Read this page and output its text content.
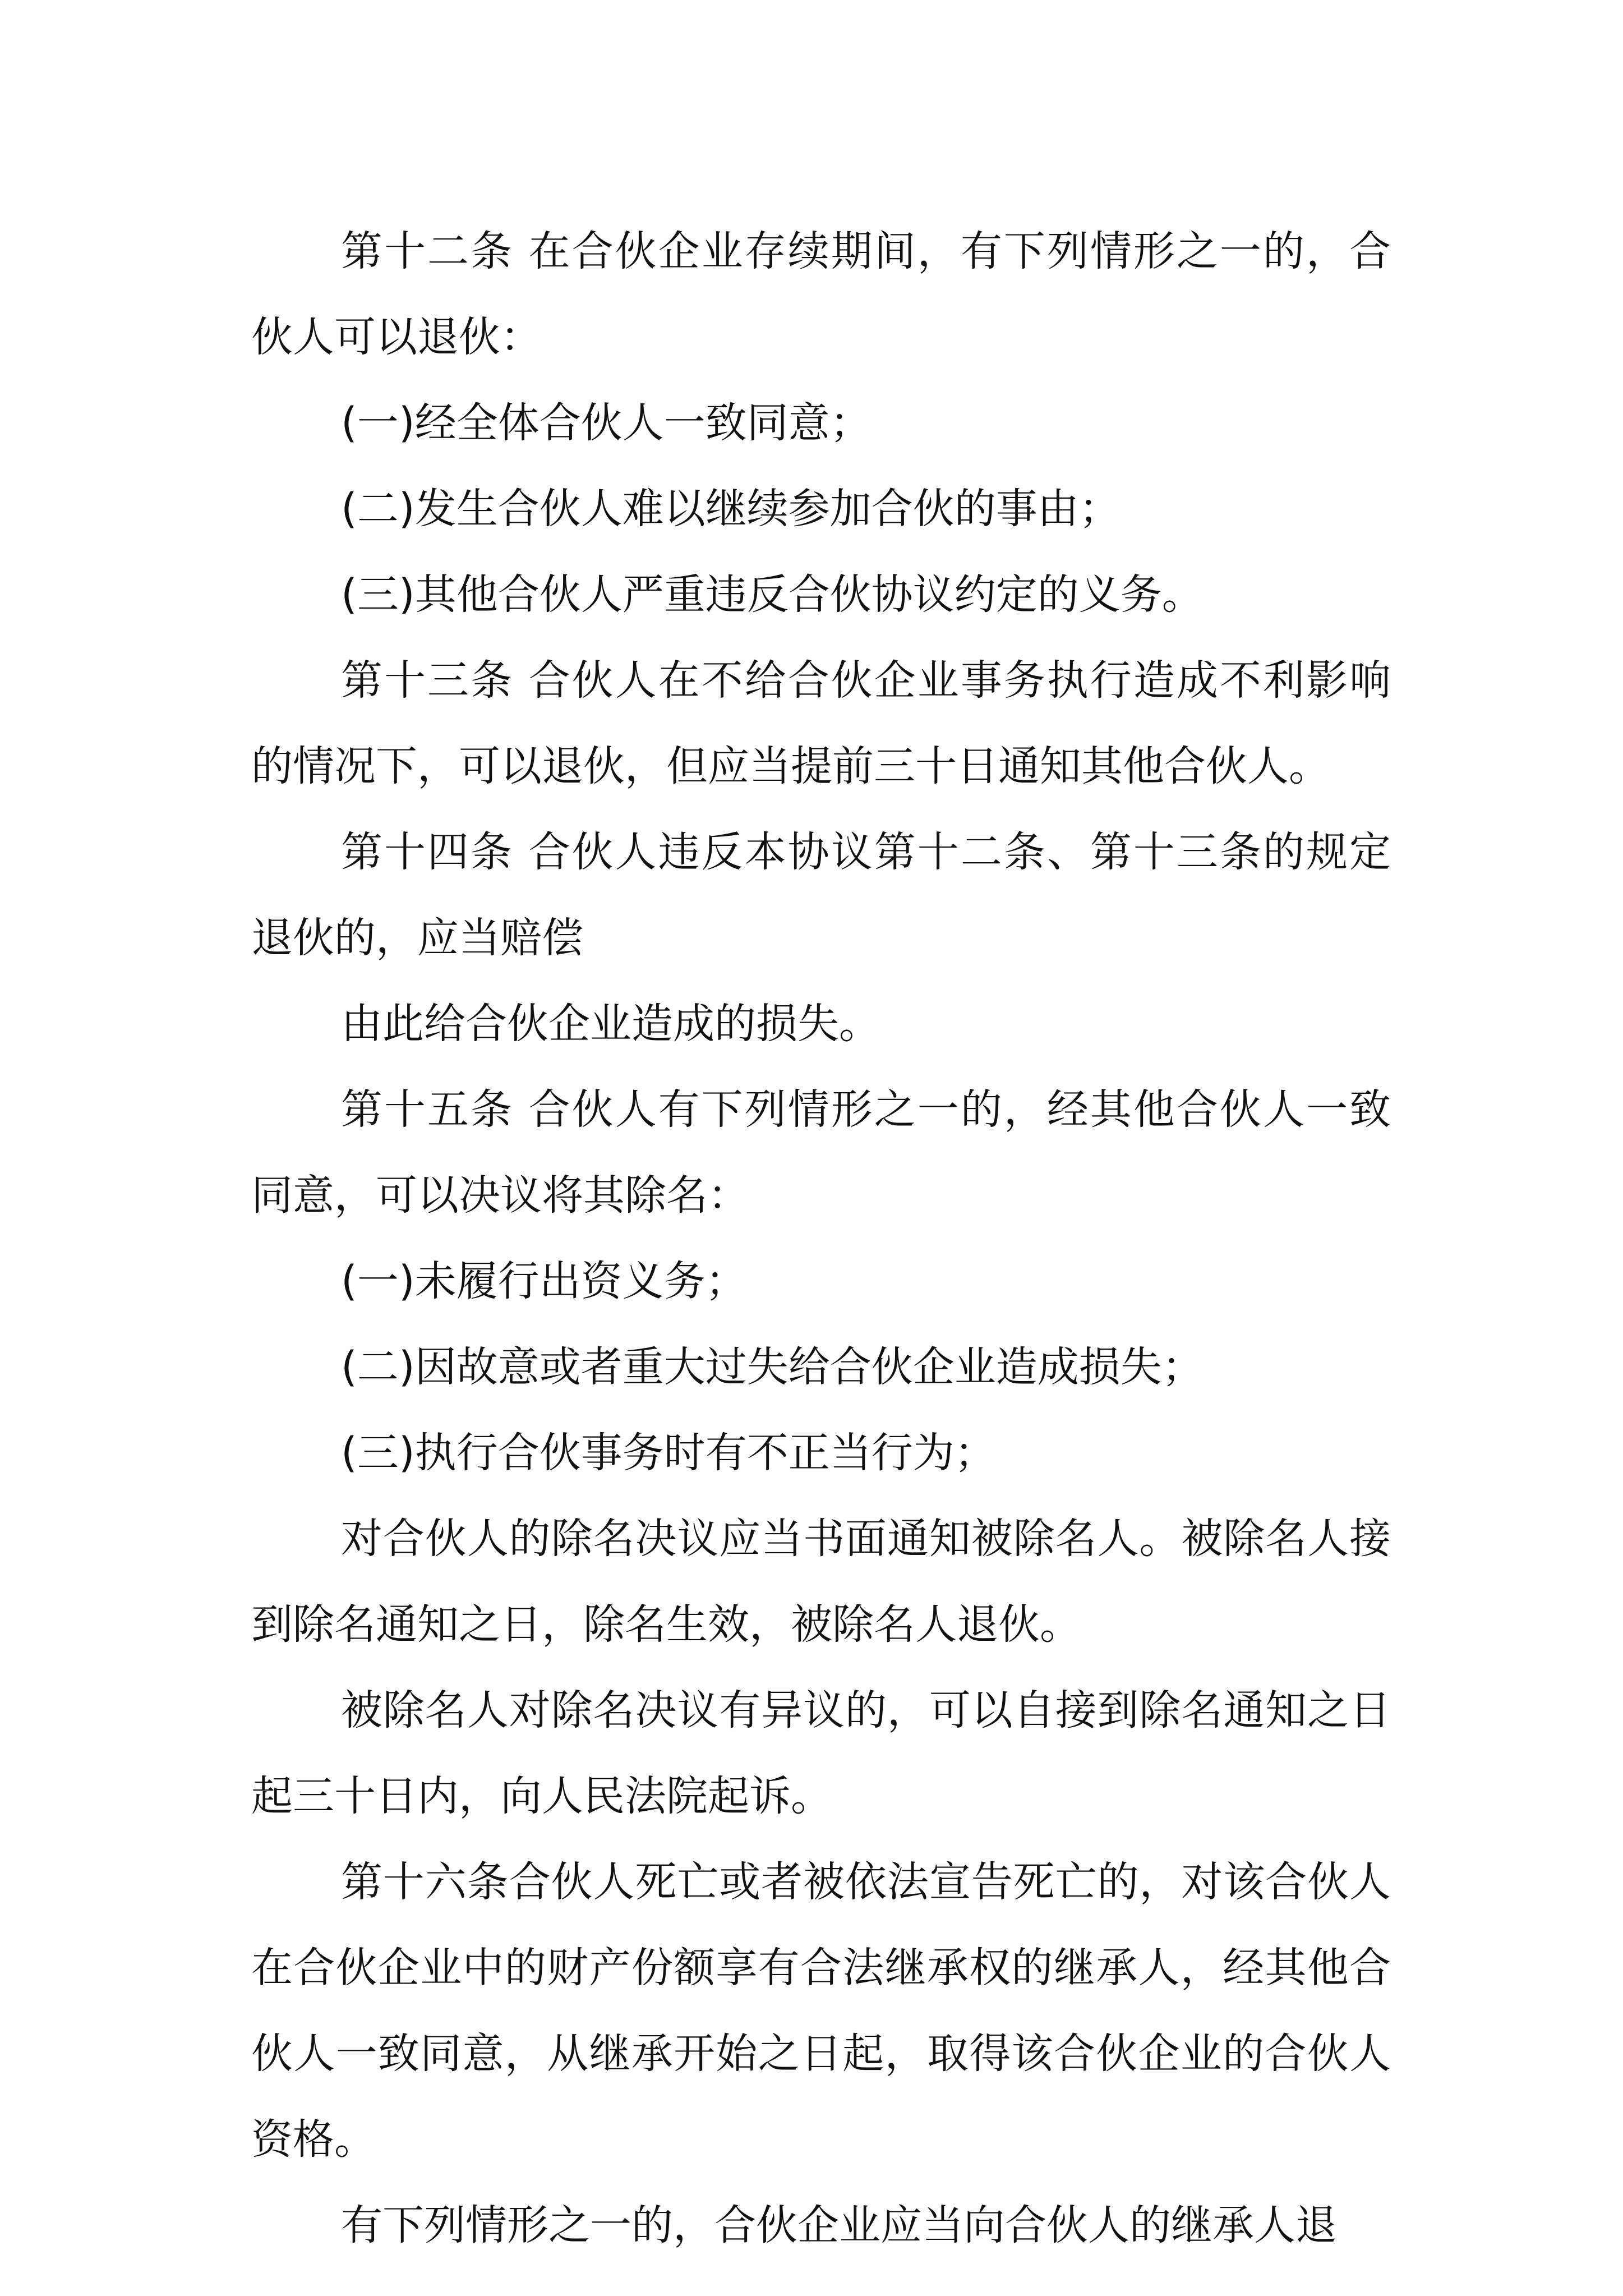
第十二条 在合伙企业存续期间，有下列情形之一的，合伙人可以退伙：

(一)经全体合伙人一致同意；

(二)发生合伙人难以继续参加合伙的事由；

(三)其他合伙人严重违反合伙协议约定的义务。

第十三条 合伙人在不给合伙企业事务执行造成不利影响的情况下，可以退伙，但应当提前三十日通知其他合伙人。

第十四条 合伙人违反本协议第十二条、第十三条的规定退伙的，应当赔偿

由此给合伙企业造成的损失。

第十五条 合伙人有下列情形之一的，经其他合伙人一致同意，可以决议将其除名：

(一)未履行出资义务；

(二)因故意或者重大过失给合伙企业造成损失；

(三)执行合伙事务时有不正当行为；

对合伙人的除名决议应当书面通知被除名人。被除名人接到除名通知之日，除名生效，被除名人退伙。

被除名人对除名决议有异议的，可以自接到除名通知之日起三十日内，向人民法院起诉。

第十六条合伙人死亡或者被依法宣告死亡的，对该合伙人在合伙企业中的财产份额享有合法继承权的继承人，经其他合伙人一致同意，从继承开始之日起，取得该合伙企业的合伙人资格。

有下列情形之一的，合伙企业应当向合伙人的继承人退
